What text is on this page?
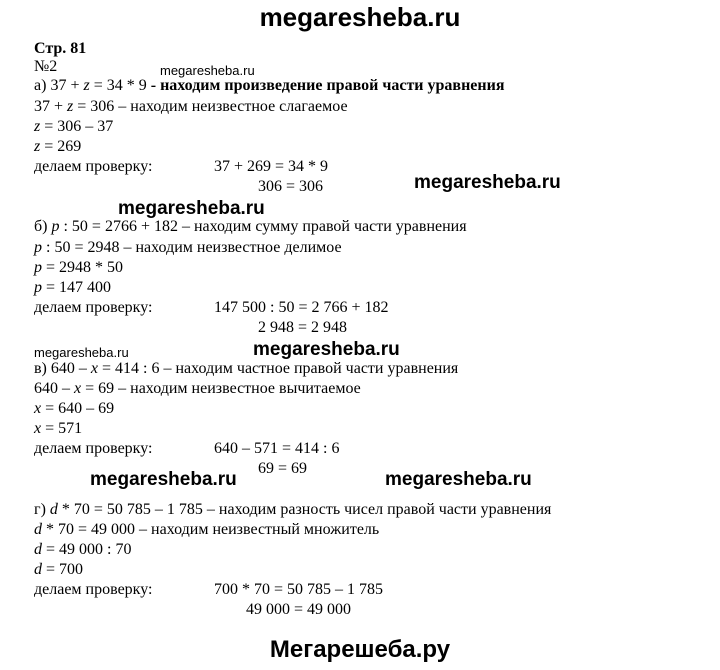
megaresheba.ru
Мегарешеба.ру
Стр. 81
№2	megaresheba.ru
megaresheba.ru
megaresheba.ru
megaresheba.ru	megaresheba.ru
megaresheba.ru	megaresheba.ru
а) 37 + z = 34 * 9 - находим произведение правой части уравнения
37 + z = 306 – находим неизвестное слагаемое
z = 306 – 37
z = 269
делаем проверку:	37 + 269 = 34 * 9
306 = 306
б) p : 50 = 2766 + 182 – находим сумму правой части уравнения
p : 50 = 2948 – находим неизвестное делимое
p = 2948 * 50
p = 147 400
делаем проверку:	147 500 : 50 = 2 766 + 182
2 948 = 2 948
в) 640 – x = 414 : 6 – находим частное правой части уравнения
640 – x = 69 – находим неизвестное вычитаемое
x = 640 – 69
x = 571
делаем проверку:	640 – 571 = 414 : 6
69 = 69
г) d * 70 = 50 785 – 1 785 – находим разность чисел правой части уравнения
d * 70 = 49 000 – находим неизвестный множитель
d = 49 000 : 70
d = 700
делаем проверку:	700 * 70 = 50 785 – 1 785
49 000 = 49 000
